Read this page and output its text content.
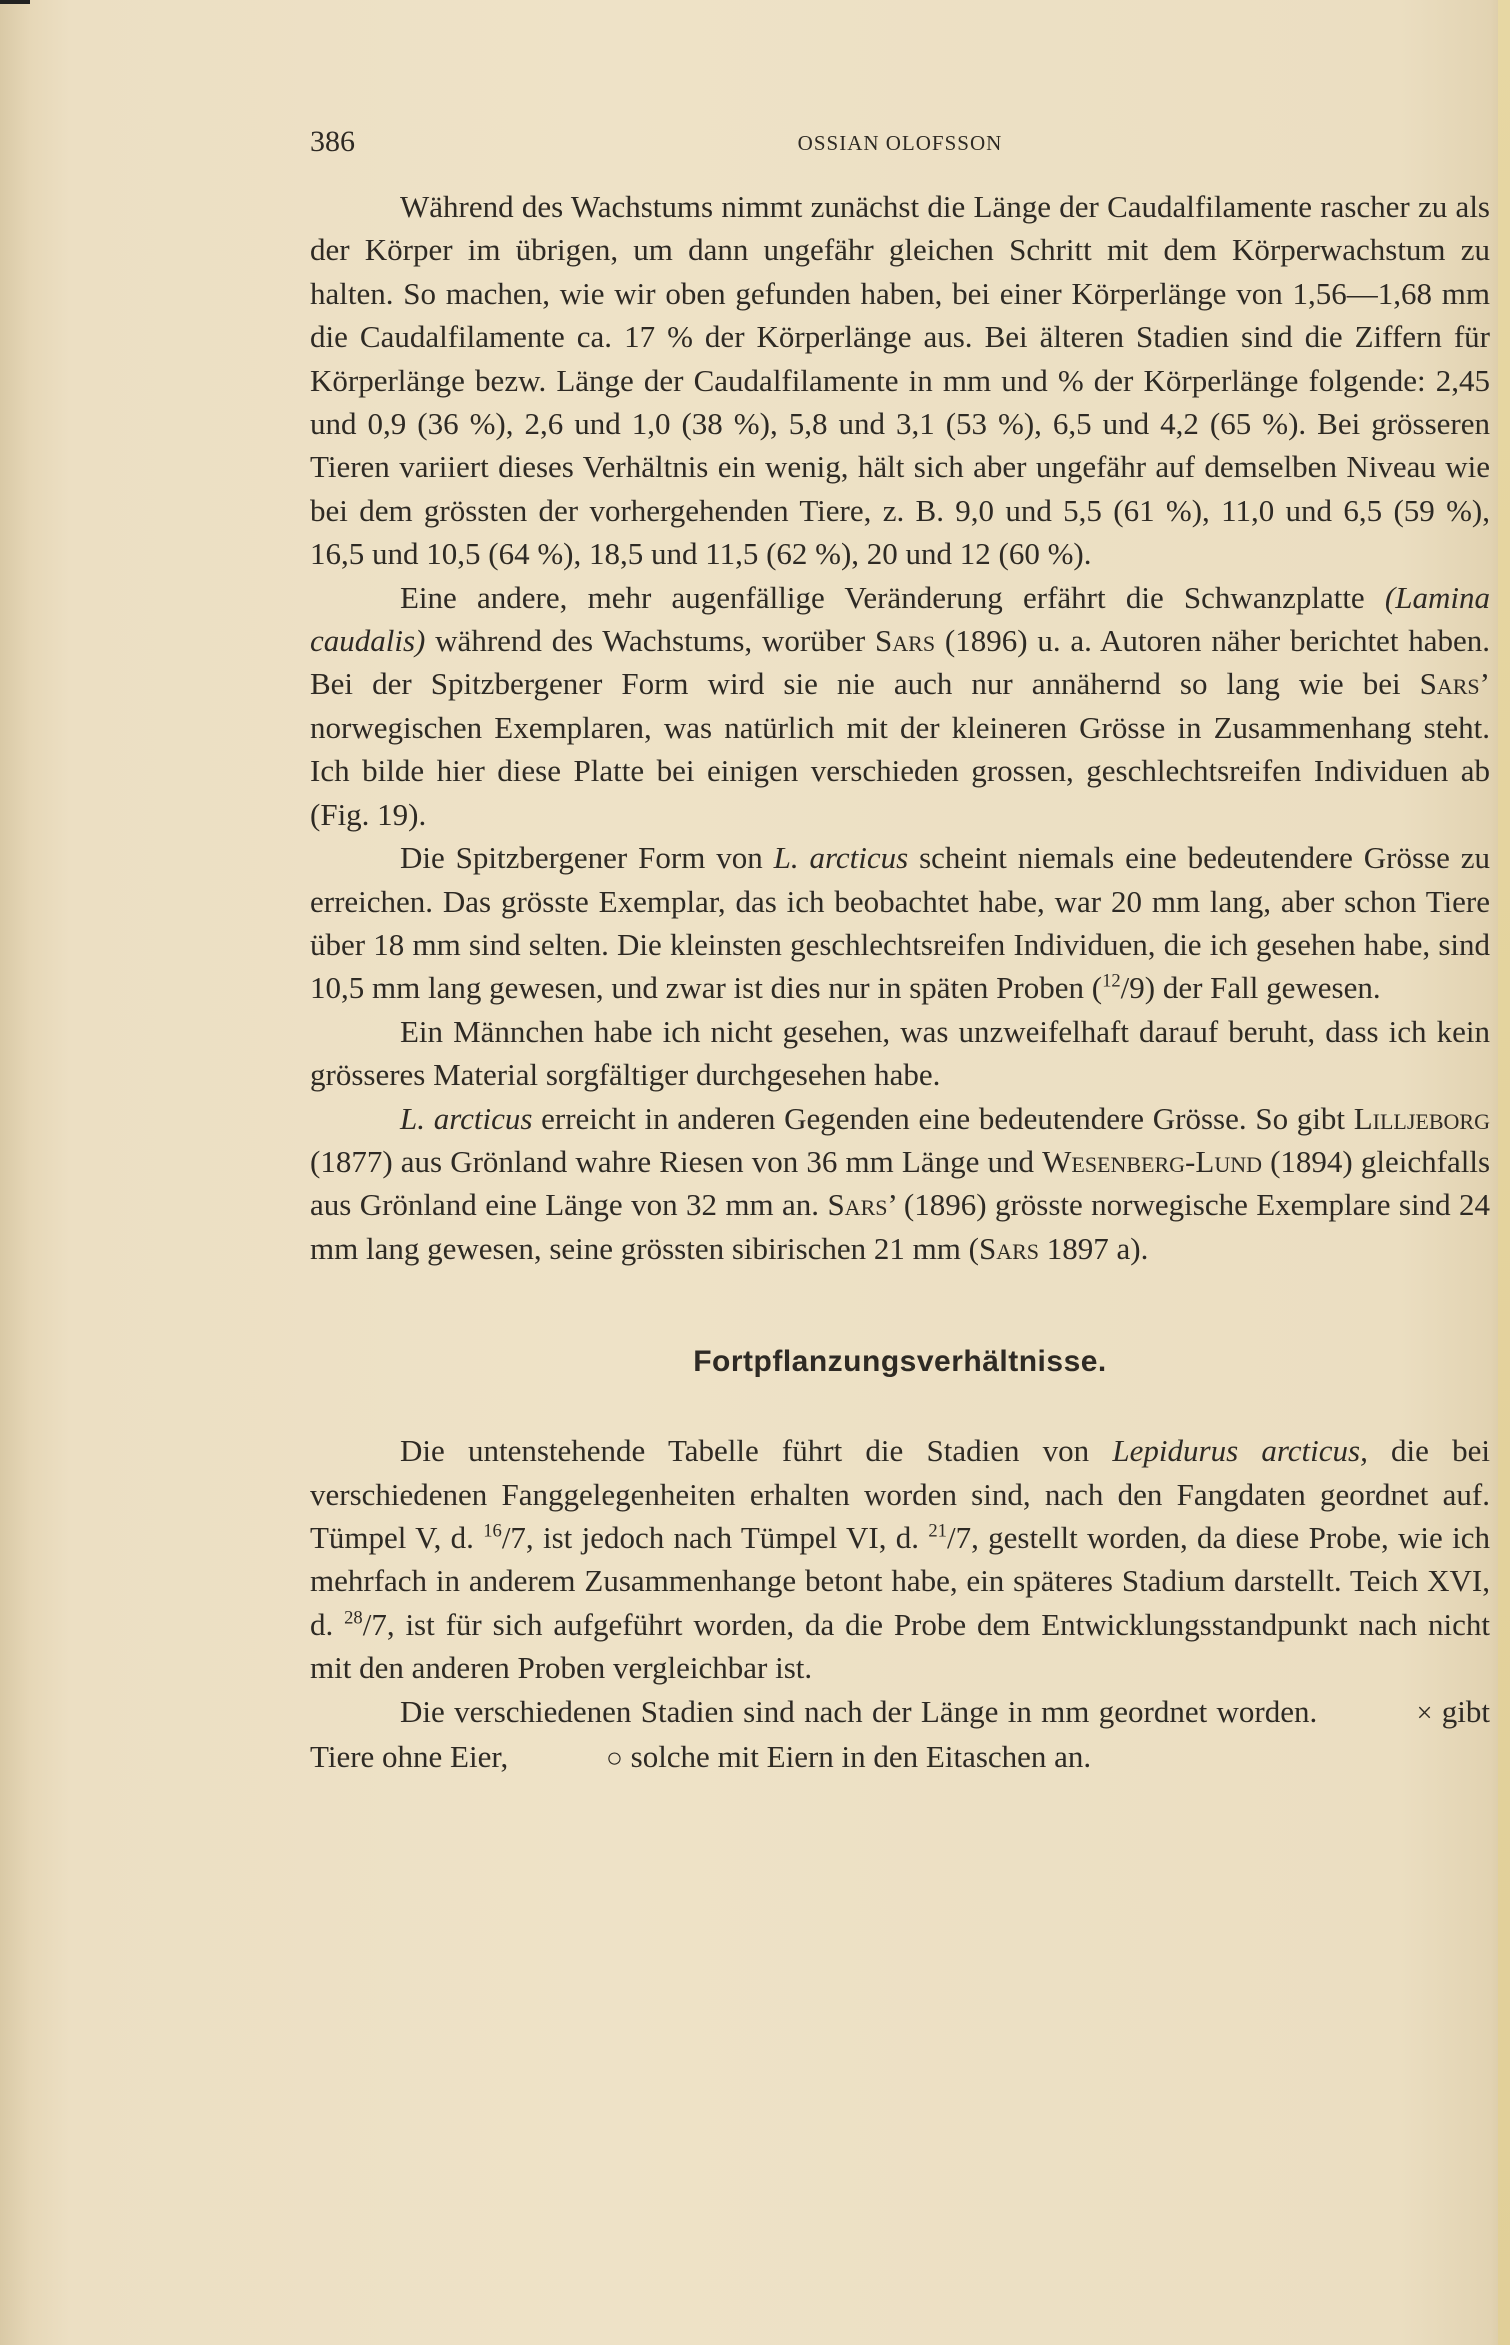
386	OSSIAN OLOFSSON

Während des Wachstums nimmt zunächst die Länge der Caudalfilamente rascher zu als der Körper im übrigen, um dann ungefähr gleichen Schritt mit dem Körperwachstum zu halten. So machen, wie wir oben gefunden haben, bei einer Körperlänge von 1,56—1,68 mm die Caudalfilamente ca. 17 % der Körperlänge aus. Bei älteren Stadien sind die Ziffern für Körperlänge bezw. Länge der Caudalfilamente in mm und % der Körperlänge folgende: 2,45 und 0,9 (36 %), 2,6 und 1,0 (38 %), 5,8 und 3,1 (53 %), 6,5 und 4,2 (65 %). Bei grösseren Tieren variiert dieses Verhältnis ein wenig, hält sich aber ungefähr auf demselben Niveau wie bei dem grössten der vorhergehenden Tiere, z. B. 9,0 und 5,5 (61 %), 11,0 und 6,5 (59 %), 16,5 und 10,5 (64 %), 18,5 und 11,5 (62 %), 20 und 12 (60 %).

Eine andere, mehr augenfällige Veränderung erfährt die Schwanzplatte (Lamina caudalis) während des Wachstums, worüber Sars (1896) u. a. Autoren näher berichtet haben. Bei der Spitzbergener Form wird sie nie auch nur annähernd so lang wie bei Sars’ norwegischen Exemplaren, was natürlich mit der kleineren Grösse in Zusammenhang steht. Ich bilde hier diese Platte bei einigen verschieden grossen, geschlechtsreifen Individuen ab (Fig. 19).

Die Spitzbergener Form von L. arcticus scheint niemals eine bedeutendere Grösse zu erreichen. Das grösste Exemplar, das ich beobachtet habe, war 20 mm lang, aber schon Tiere über 18 mm sind selten. Die kleinsten geschlechtsreifen Individuen, die ich gesehen habe, sind 10,5 mm lang gewesen, und zwar ist dies nur in späten Proben ($^{12}$/9) der Fall gewesen.

Ein Männchen habe ich nicht gesehen, was unzweifelhaft darauf beruht, dass ich kein grösseres Material sorgfältiger durchgesehen habe.

L. arcticus erreicht in anderen Gegenden eine bedeutendere Grösse. So gibt Lilljeborg (1877) aus Grönland wahre Riesen von 36 mm Länge und Wesenberg-Lund (1894) gleichfalls aus Grönland eine Länge von 32 mm an. Sars’ (1896) grösste norwegische Exemplare sind 24 mm lang gewesen, seine grössten sibirischen 21 mm (Sars 1897 a).

Fortpflanzungsverhältnisse.

Die untenstehende Tabelle führt die Stadien von Lepidurus arcticus, die bei verschiedenen Fanggelegenheiten erhalten worden sind, nach den Fangdaten geordnet auf. Tümpel V, d. $^{16}$/7, ist jedoch nach Tümpel VI, d. $^{21}$/7, gestellt worden, da diese Probe, wie ich mehrfach in anderem Zusammenhange betont habe, ein späteres Stadium darstellt. Teich XVI, d. $^{28}$/7, ist für sich aufgeführt worden, da die Probe dem Entwicklungsstandpunkt nach nicht mit den anderen Proben vergleichbar ist.

Die verschiedenen Stadien sind nach der Länge in mm geordnet worden.	× gibt Tiere ohne Eier,	○ solche mit Eiern in den Eitaschen an.
